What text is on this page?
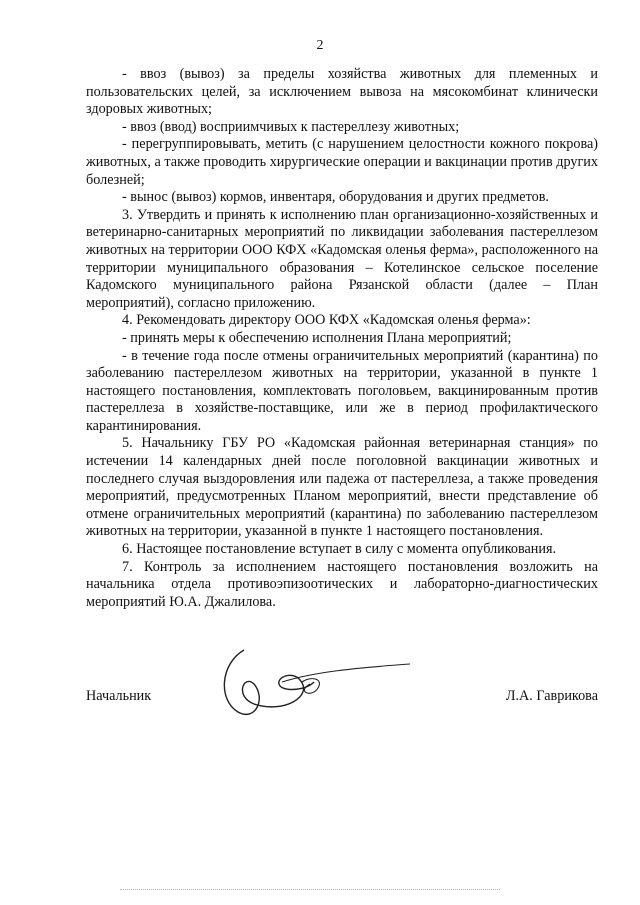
2

- ввоз (вывоз) за пределы хозяйства животных для племенных и пользовательских целей, за исключением вывоза на мясокомбинат клинически здоровых животных;

- ввоз (ввод) восприимчивых к пастереллезу животных;

- перегруппировывать, метить (с нарушением целостности кожного покрова) животных, а также проводить хирургические операции и вакцинации против других болезней;

- вынос (вывоз) кормов, инвентаря, оборудования и других предметов.

3. Утвердить и принять к исполнению план организационно-хозяйственных и ветеринарно-санитарных мероприятий по ликвидации заболевания пастереллезом животных на территории ООО КФХ «Кадомская оленья ферма», расположенного на территории муниципального образования – Котелинское сельское поселение Кадомского муниципального района Рязанской области (далее – План мероприятий), согласно приложению.

4. Рекомендовать директору ООО КФХ «Кадомская оленья ферма»:

- принять меры к обеспечению исполнения Плана мероприятий;

- в течение года после отмены ограничительных мероприятий (карантина) по заболеванию пастереллезом животных на территории, указанной в пункте 1 настоящего постановления, комплектовать поголовьем, вакцинированным против пастереллеза в хозяйстве-поставщике, или же в период профилактического карантинирования.

5. Начальнику ГБУ РО «Кадомская районная ветеринарная станция» по истечении 14 календарных дней после поголовной вакцинации животных и последнего случая выздоровления или падежа от пастереллеза, а также проведения мероприятий, предусмотренных Планом мероприятий, внести представление об отмене ограничительных мероприятий (карантина) по заболеванию пастереллезом животных на территории, указанной в пункте 1 настоящего постановления.

6. Настоящее постановление вступает в силу с момента опубликования.

7. Контроль за исполнением настоящего постановления возложить на начальника отдела противоэпизоотических и лабораторно-диагностических мероприятий Ю.А. Джалилова.

Начальник	Л.А. Гаврикова
